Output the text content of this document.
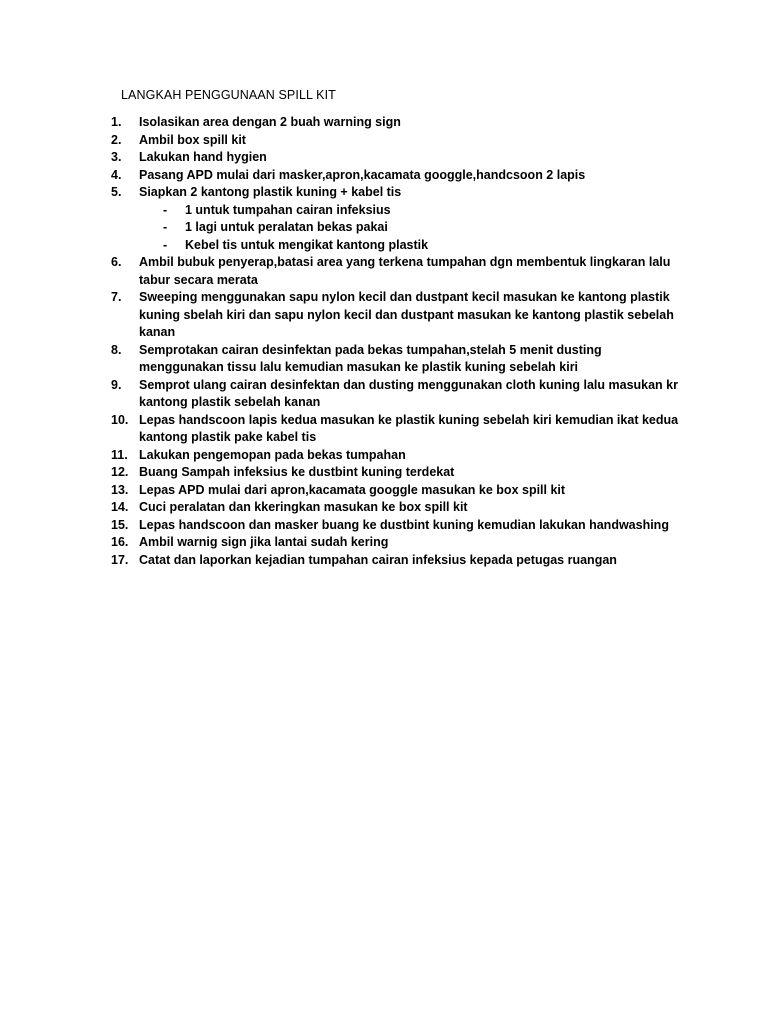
LANGKAH PENGGUNAAN SPILL KIT
1.	Isolasikan area dengan 2 buah warning sign
2.	Ambil box spill kit
3.	Lakukan hand hygien
4.	Pasang APD mulai dari masker,apron,kacamata googgle,handcsoon 2 lapis
5.	Siapkan 2 kantong plastik kuning + kabel tis
-	1 untuk tumpahan cairan infeksius
-	1 lagi untuk peralatan bekas pakai
-	Kebel tis untuk mengikat kantong plastik
6.	Ambil bubuk penyerap,batasi area yang terkena tumpahan dgn membentuk lingkaran lalu tabur secara merata
7.	Sweeping menggunakan sapu nylon kecil dan dustpant kecil masukan ke kantong plastik kuning sbelah kiri dan sapu nylon kecil dan dustpant masukan ke kantong plastik sebelah kanan
8.	Semprotakan cairan desinfektan pada bekas tumpahan,stelah 5 menit dusting menggunakan tissu lalu kemudian masukan ke plastik kuning sebelah kiri
9.	Semprot ulang cairan desinfektan dan dusting menggunakan cloth kuning lalu masukan kr kantong plastik sebelah kanan
10. Lepas handscoon lapis kedua masukan ke plastik kuning sebelah kiri kemudian ikat kedua kantong plastik pake kabel tis
11. Lakukan pengemopan pada bekas tumpahan
12. Buang Sampah infeksius ke dustbint kuning terdekat
13. Lepas APD mulai dari apron,kacamata googgle masukan ke box spill kit
14. Cuci peralatan dan kkeringkan masukan ke box spill kit
15. Lepas handscoon dan masker buang ke dustbint kuning kemudian lakukan handwashing
16. Ambil warnig sign jika lantai sudah kering
17. Catat dan laporkan kejadian tumpahan cairan infeksius kepada petugas ruangan
